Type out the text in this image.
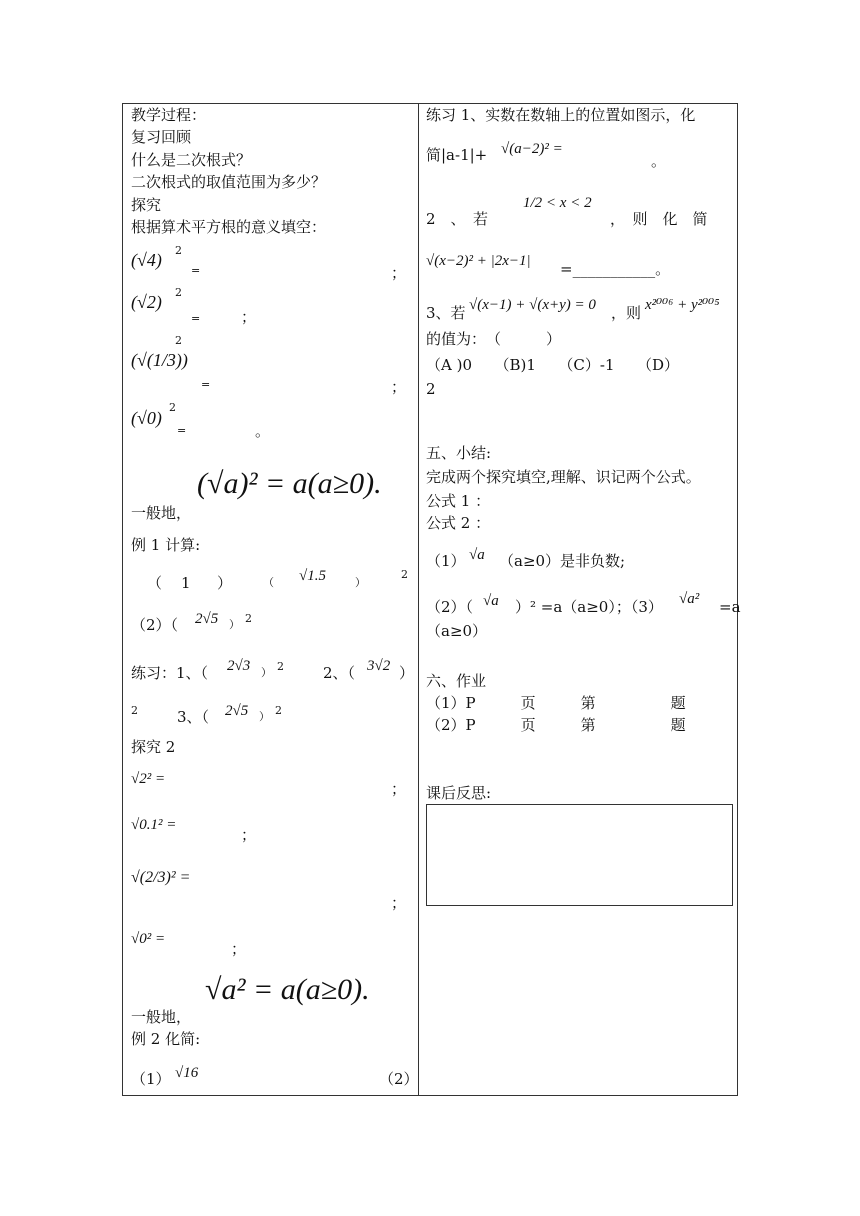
教学过程：
复习回顾
什么是二次根式？
二次根式的取值范围为多少？
探究
根据算术平方根的意义填空：
(√4) 2
=	；
(√2) 2
=	；
(√(1/3))
2
=	；
(√0)
2
=	。
一般地，
(√a)² = a(a≥0).
例 1 计算:
（ 1 ）	（ √1.5	）
2
（2）（ 2√5 ） 2
练习：1、（ 2√3 ） 2	2、（ 3√2 ）
2	3、（ 2√5 ） 2
探究 2
√2² =
；
√0.1² =
；
√(2/3)² =
；
√0² =
；
一般地，
√a² = a(a≥0).
例 2 化简:
（1） √16	（2）
练习 1、实数在数轴上的位置如图示，化
简|a-1|+ √(a−2)² =
。
2　、　若
1/2 < x < 2
，　则　化　简
√(x−2)² + |2x−1| =___________。
3、若 √(x−1) + √(x+y) = 0 ，则 x²⁰⁰⁶ + y²⁰⁰⁵
的值为：　（　　　）
（A )0　　（B)1　　（C）-1　　（D）
2
五、小结:
完成两个探究填空,理解、识记两个公式。
公式 1 ：
公式 2 ：
（1） √a （a≥0）是非负数;
（2）（ √a ）² =a（a≥0）；（3） √a² =a
（a≥0）
六、作业
（1）P　　　页　　　第　　　　　题
（2）P　　　页　　　第　　　　　题
课后反思:
